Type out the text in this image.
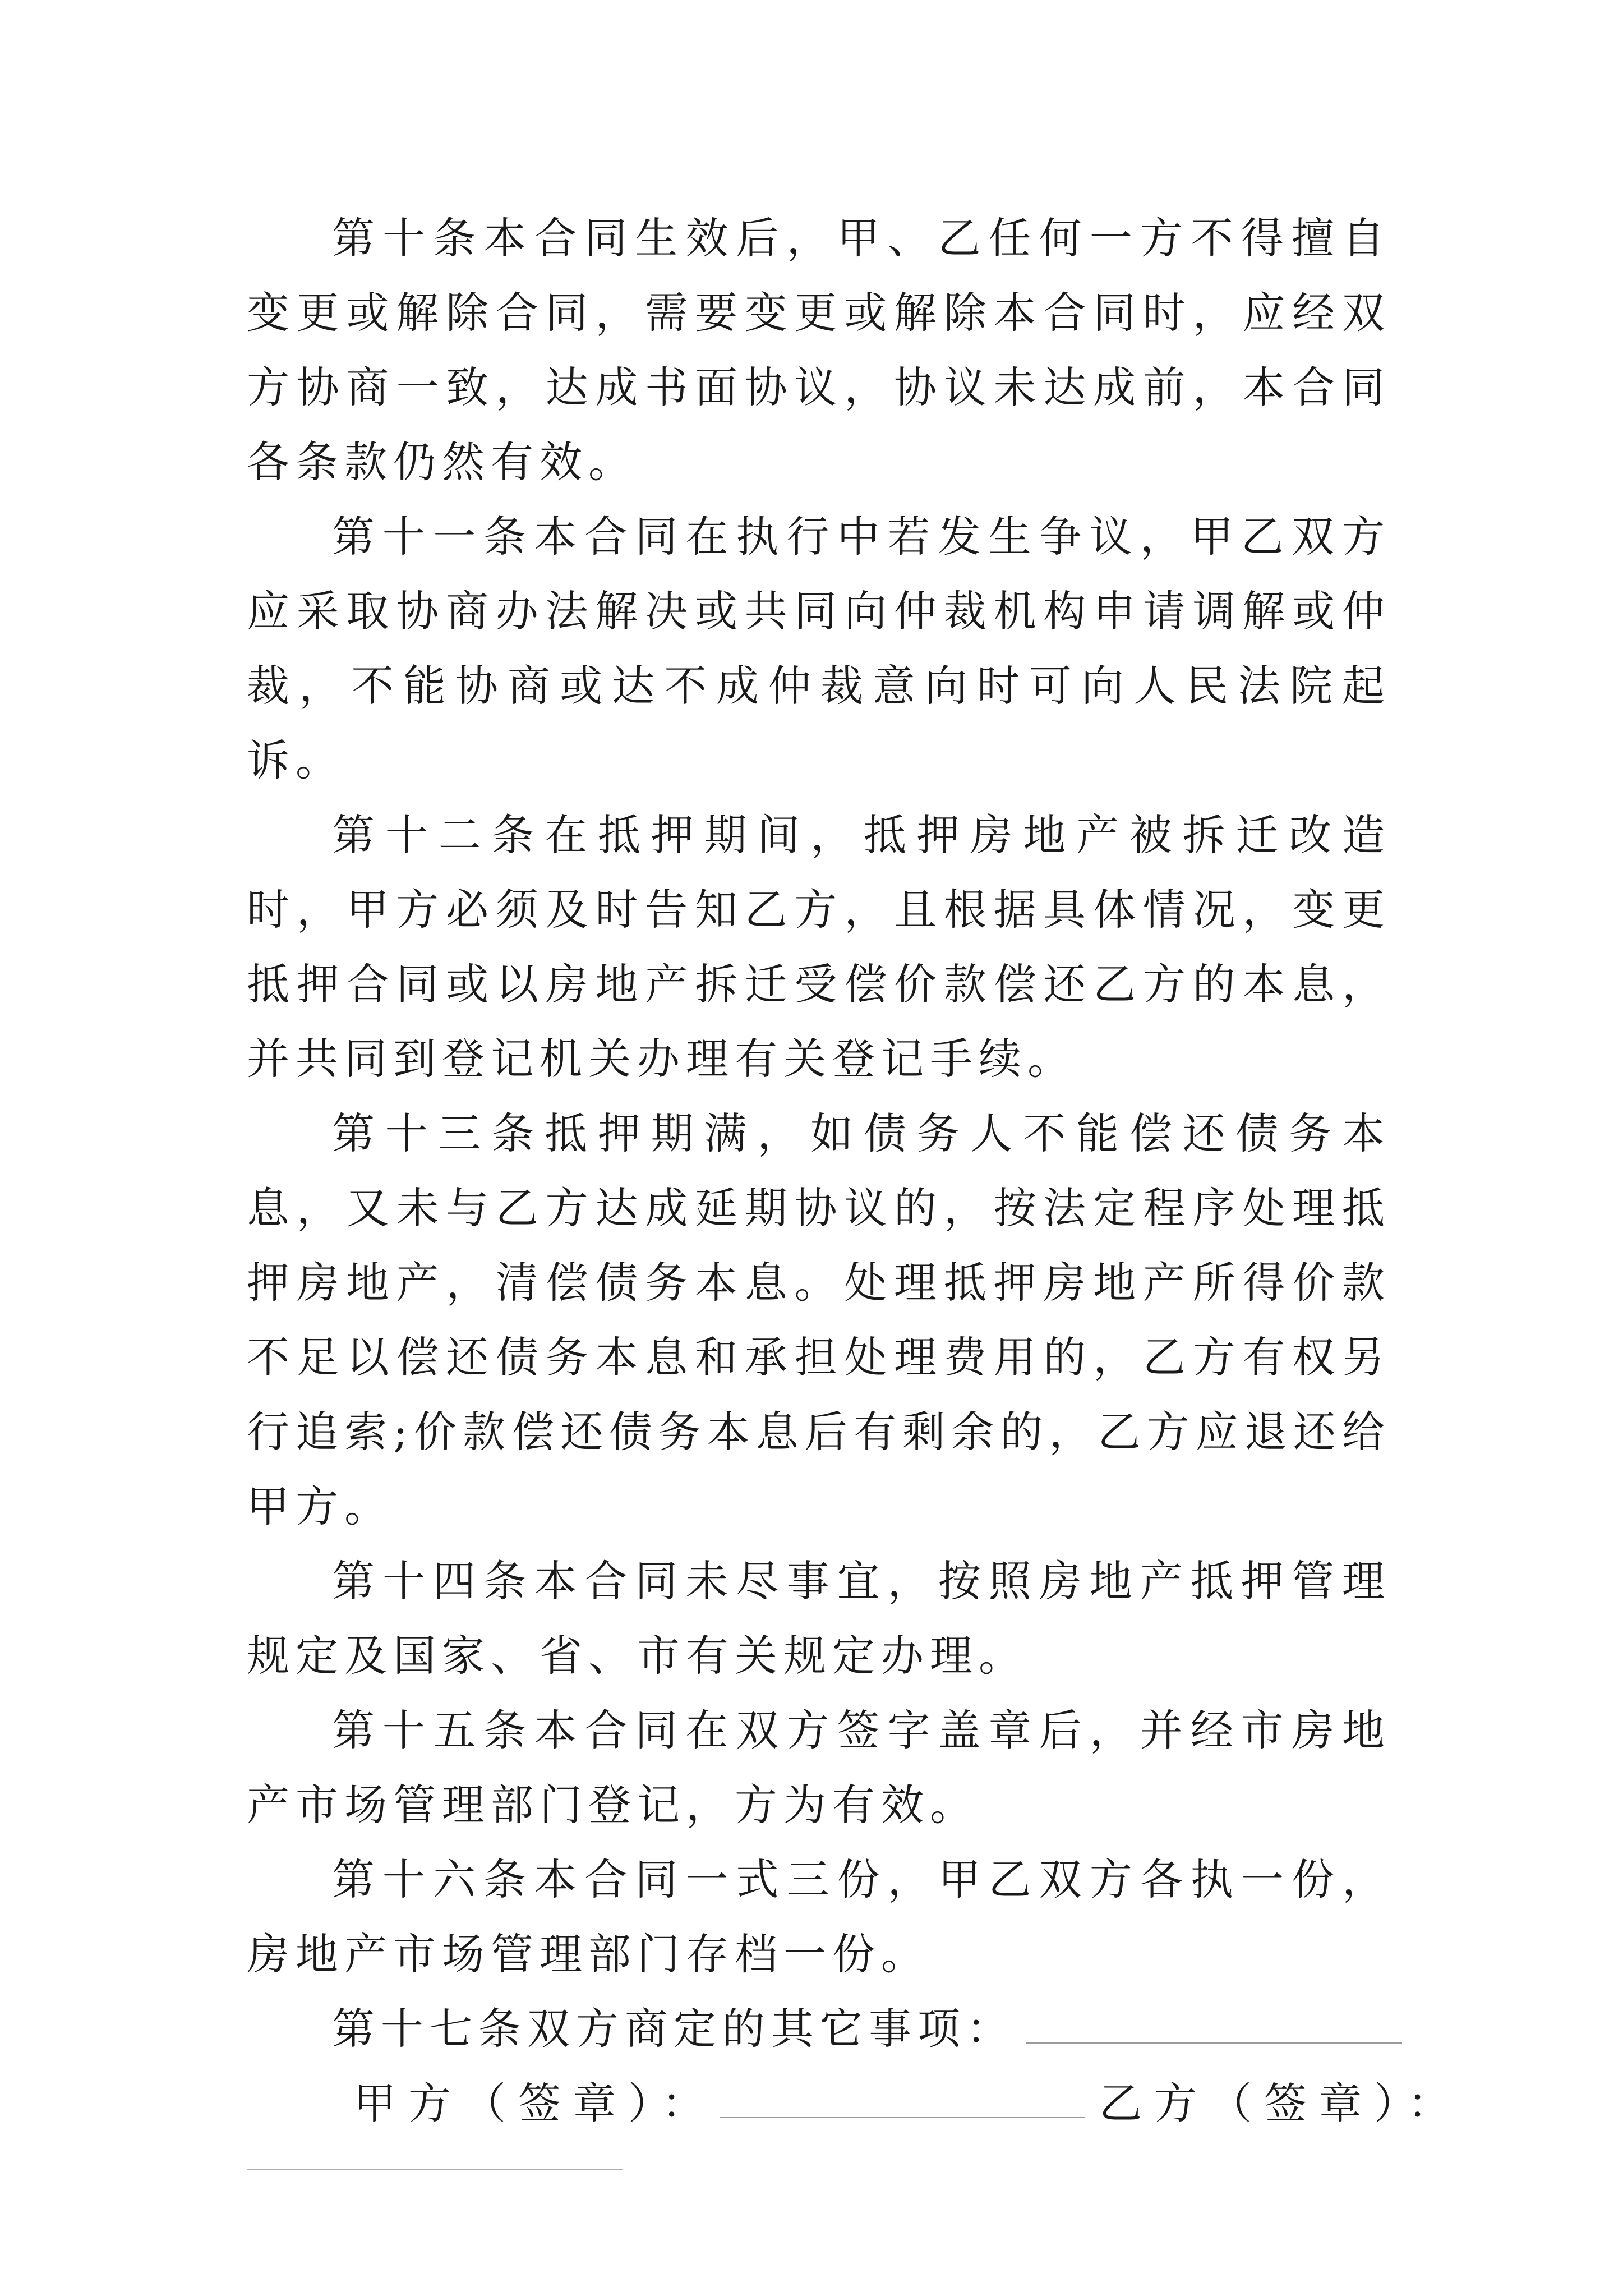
第十条本合同生效后，甲、乙任何一方不得擅自变更或解除合同，需要变更或解除本合同时，应经双方协商一致，达成书面协议，协议未达成前，本合同各条款仍然有效。

第十一条本合同在执行中若发生争议，甲乙双方应采取协商办法解决或共同向仲裁机构申请调解或仲裁，不能协商或达不成仲裁意向时可向人民法院起诉。

第十二条在抵押期间，抵押房地产被拆迁改造时，甲方必须及时告知乙方，且根据具体情况，变更抵押合同或以房地产拆迁受偿价款偿还乙方的本息，并共同到登记机关办理有关登记手续。

第十三条抵押期满，如债务人不能偿还债务本息，又未与乙方达成延期协议的，按法定程序处理抵押房地产，清偿债务本息。处理抵押房地产所得价款不足以偿还债务本息和承担处理费用的，乙方有权另行追索;价款偿还债务本息后有剩余的，乙方应退还给甲方。

第十四条本合同未尽事宜，按照房地产抵押管理规定及国家、省、市有关规定办理。

第十五条本合同在双方签字盖章后，并经市房地产市场管理部门登记，方为有效。

第十六条本合同一式三份，甲乙双方各执一份，房地产市场管理部门存档一份。

第十七条双方商定的其它事项：

甲方（签章）：	乙方（签章）：
